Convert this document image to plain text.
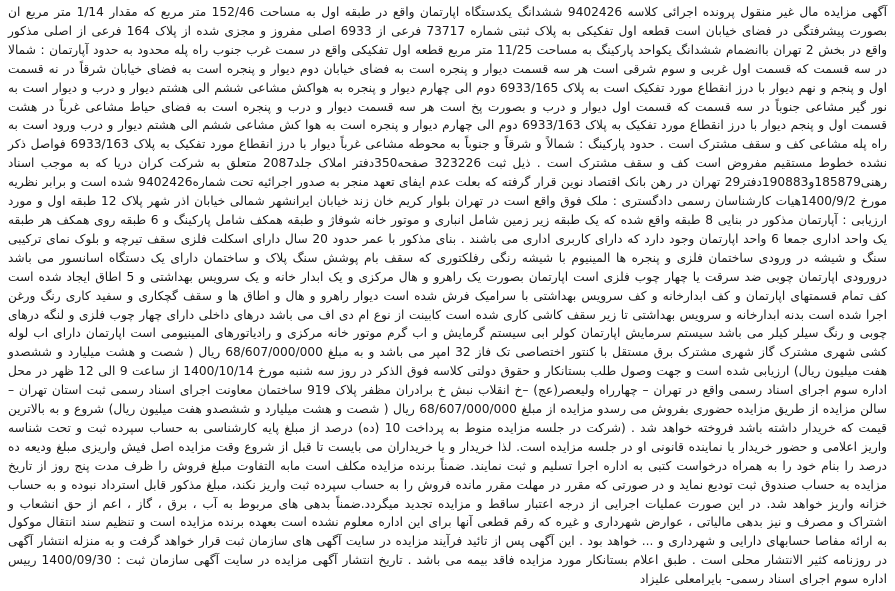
آگهی مزایده مال غیر منقول پرونده اجرائی کلاسه 9402426 ششدانگ یکدستگاه اپارتمان واقع در طبقه اول به مساحت 152/46 متر مربع که مقدار 1/14 متر مربع ان بصورت پیشرفتگی در فضای خیابان است قطعه اول تفکیکی به پلاک ثبتی شماره 73717 فرعی از 6933 اصلی مفروز و مجزی شده از پلاک 164 فرعی از اصلی مذکور واقع در بخش 2 تهران باانضمام ششدانگ یکواحد پارکینگ به مساحت 11/25 متر مربع قطعه اول تفکیکی واقع در سمت غرب جنوب راه پله محدود به حدود آپارتمان : شمالا در سه قسمت که قسمت اول غربی و سوم شرقی است هر سه قسمت دیوار و پنجره است به فضای خیابان دوم دیوار و پنجره است به فضای خیابان شرقاً در نه قسمت اول و پنجم و نهم دیوار با درز انقطاع مورد تفکیک است به پلاک 6933/165 دوم الی چهارم دیوار و پنجره به هواکش مشاعی ششم الی هشتم دیوار و درب و دیوار است به نور گیر مشاعی جنوباً در سه قسمت که قسمت اول دیوار و درب و بصورت پخ است هر سه قسمت دیوار و درب و پنجره است به فضای حیاط مشاعی غرباً در هشت قسمت اول و پنجم دیوار با درز انقطاع مورد تفکیک به پلاک 6933/163 دوم الی چهارم دیوار و پنجره است به هوا کش مشاعی ششم الی هشتم دیوار و درب ورود است به راه پله مشاعی کف و سقف مشترک است . حدود پارکینگ : شمالاً و شرقاً و جنوباً به محوطه مشاعی غرباً دیوار با درز انقطاع مورد تفکیک به پلاک 6933/163 فواصل ذکر نشده خطوط مستقیم مفروض است کف و سقف مشترک است . ذیل ثبت 323226 صفحه350دفتر املاک جلد2087 متعلق به شرکت کران دریا که به موجب اسناد رهنی185879و190883دفتر29 تهران در رهن بانک اقتصاد نوین قرار گرفته که بعلت عدم ایفای تعهد منجر به صدور اجرائیه تحت شماره9402426 شده است و برابر نظریه مورخ 1400/9/2هیات کارشناسان رسمی دادگستری : ملک فوق واقع است در تهران بلوار کریم خان زند خیابان ایرانشهر شمالی خیابان اذر شهر پلاک 12 طبقه اول و مورد ارزیابی : آپارتمان مذکور در بنایی 8 طبقه واقع شده که یک طبقه زیر زمین شامل انباری و موتور خانه شوفاژ و طبقه همکف شامل پارکینگ و 6 طبقه روی همکف هر طبقه یک واحد اداری جمعا 6 واحد اپارتمان وجود دارد که دارای کاربری اداری می باشند . بنای مذکور با عمر حدود 20 سال دارای اسکلت فلزی سقف تیرچه و بلوک نمای ترکیبی سنگ و شیشه در ورودی ساختمان فلزی و پنجره ها المینیوم با شیشه رنگی رفلکتوری که سقف بام پوشش سنگ پلاک و ساختمان دارای یک دستگاه اسانسور می باشد درورودی اپارتمان چوبی ضد سرقت یا چهار چوب فلزی است اپارتمان بصورت یک راهرو و هال مرکزی و یک ابدار خانه و یک سرویس بهداشتی و 5 اطاق ایجاد شده است کف تمام قسمتهای اپارتمان و کف ابدارخانه و کف سرویس بهداشتی با سرامیک فرش شده است دیوار راهرو و هال و اطاق ها و سقف گچکاری و سفید کاری رنگ ورغن اجرا شده است بدنه ابدارخانه و سرویس بهداشتی تا زیر سقف کاشی کاری شده است کابینت از نوع ام دی اف می باشد درهای داخلی دارای چهار چوب فلزی و لنگه درهای چوبی و رنگ سیلر کیلر می باشد سیستم سرمایش اپارتمان کولر ابی سیستم گرمایش و اب گرم موتور خانه مرکزی و رادیاتورهای المینیومی است اپارتمان دارای اب لوله کشی شهری مشترک گاز شهری مشترک برق مستقل با کنتور اختصاصی تک فاز 32 امپر می باشد و به مبلغ 68/607/000/000 ریال ( شصت و هشت میلیارد و ششصدو هفت میلیون ریال) ارزیابی شده است و جهت وصول طلب بستانکار و حقوق دولتی کلاسه فوق الذکر در روز سه شنبه مورخ 1400/10/14 از ساعت 9 الی 12 ظهر در محل اداره سوم اجرای اسناد رسمی واقع در تهران – چهارراه ولیعصر(عج) –خ انقلاب نبش خ برادران مظفر پلاک 919 ساختمان معاونت اجرای اسناد رسمی ثبت استان تهران – سالن مزایده از طریق مزایده حضوری بفروش می رسدو مزایده از مبلغ 68/607/000/000 ریال ( شصت و هشت میلیارد و ششصدو هفت میلیون ریال) شروع و به بالاترین قیمت که خریدار داشته باشد فروخته خواهد شد . (شرکت در جلسه مزایده منوط به پرداخت 10 (ده) درصد از مبلغ پایه کارشناسی به حساب سپرده ثبت و تحت شناسه واریز اعلامی و حضور خریدار یا نماینده قانونی او در جلسه مزایده است. لذا خریدار و یا خریداران می بایست تا قبل از شروع وقت مزایده اصل فیش واریزی مبلغ ودیعه ده درصد را بنام خود را به همراه درخواست کتبی به اداره اجرا تسلیم و ثبت نمایند. ضمناً برنده مزایده مکلف است مابه التفاوت مبلغ فروش را ظرف مدت پنج روز از تاریخ مزایده به حساب صندوق ثبت تودیع نماید و در صورتی که مقرر در مهلت مقرر مانده فروش را به حساب سپرده ثبت واریز نکند، مبلغ مذکور قابل استرداد نبوده و به حساب خزانه واریز خواهد شد. در این صورت عملیات اجرایی از درجه اعتبار ساقط و مزایده تجدید میگردد.ضمناً بدهی های مربوط به آب ، برق ، گاز ، اعم از حق انشعاب و اشتراک و مصرف و نیز بدهی مالیاتی ، عوارض شهرداری و غیره که رقم قطعی آنها برای این اداره معلوم نشده است بعهده برنده مزایده است و تنظیم سند انتقال موکول به ارائه مفاصا حسابهای دارایی و شهرداری و ... خواهد بود . این آگهی پس از تائید فرآیند مزایده در سایت آگهی های سازمان ثبت قرار خواهد گرفت و به منزله انتشار آگهی در روزنامه کثیر الانتشار محلی است . طبق اعلام بستانکار مورد مزایده فاقد بیمه می باشد . تاریخ انتشار آگهی مزایده در سایت آگهی سازمان ثبت : 1400/09/30 رییس اداره سوم اجرای اسناد رسمی- بایرامعلی علیزاد
